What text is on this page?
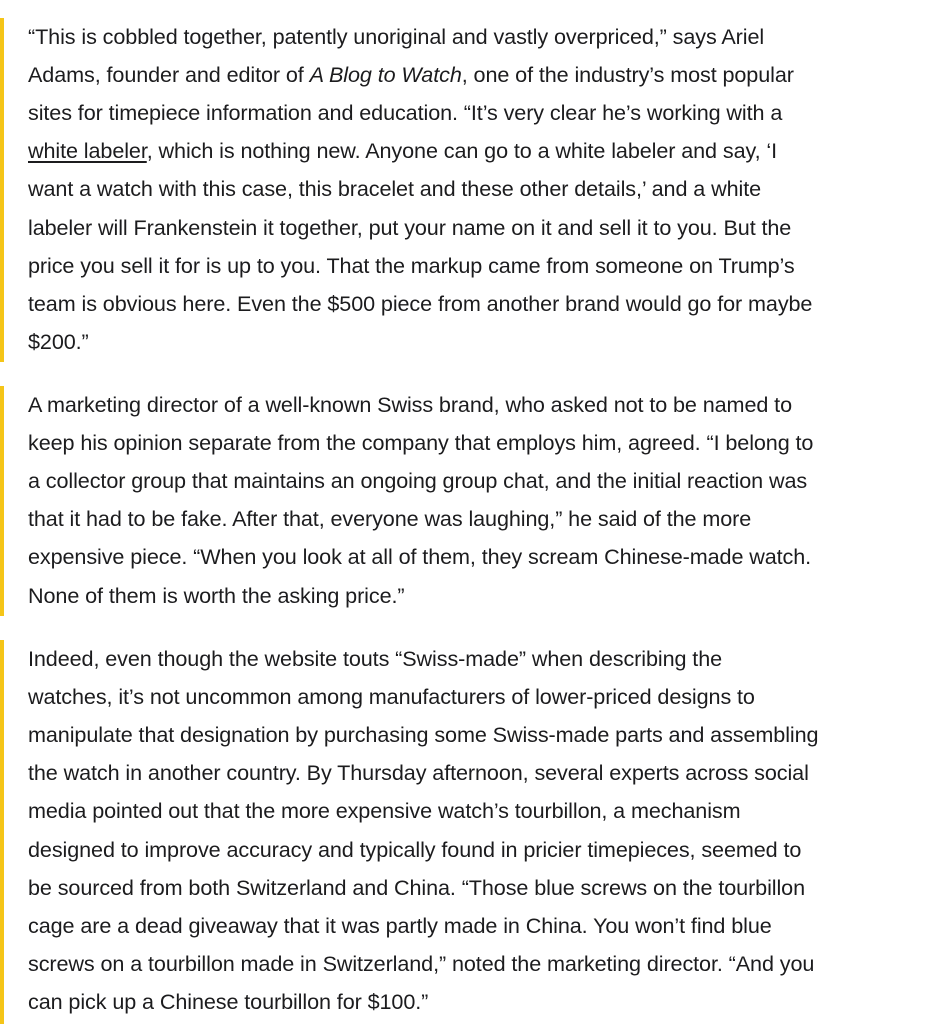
“This is cobbled together, patently unoriginal and vastly overpriced,” says Ariel
Adams, founder and editor of A Blog to Watch, one of the industry’s most popular
sites for timepiece information and education. “It’s very clear he’s working with a
white labeler, which is nothing new. Anyone can go to a white labeler and say, ‘I
want a watch with this case, this bracelet and these other details,’ and a white
labeler will Frankenstein it together, put your name on it and sell it to you. But the
price you sell it for is up to you. That the markup came from someone on Trump’s
team is obvious here. Even the $500 piece from another brand would go for maybe
$200.”
A marketing director of a well-known Swiss brand, who asked not to be named to
keep his opinion separate from the company that employs him, agreed. “I belong to
a collector group that maintains an ongoing group chat, and the initial reaction was
that it had to be fake. After that, everyone was laughing,” he said of the more
expensive piece. “When you look at all of them, they scream Chinese-made watch.
None of them is worth the asking price.”
Indeed, even though the website touts “Swiss-made” when describing the
watches, it’s not uncommon among manufacturers of lower-priced designs to
manipulate that designation by purchasing some Swiss-made parts and assembling
the watch in another country. By Thursday afternoon, several experts across social
media pointed out that the more expensive watch’s tourbillon, a mechanism
designed to improve accuracy and typically found in pricier timepieces, seemed to
be sourced from both Switzerland and China. “Those blue screws on the tourbillon
cage are a dead giveaway that it was partly made in China. You won’t find blue
screws on a tourbillon made in Switzerland,” noted the marketing director. “And you
can pick up a Chinese tourbillon for $100.”
